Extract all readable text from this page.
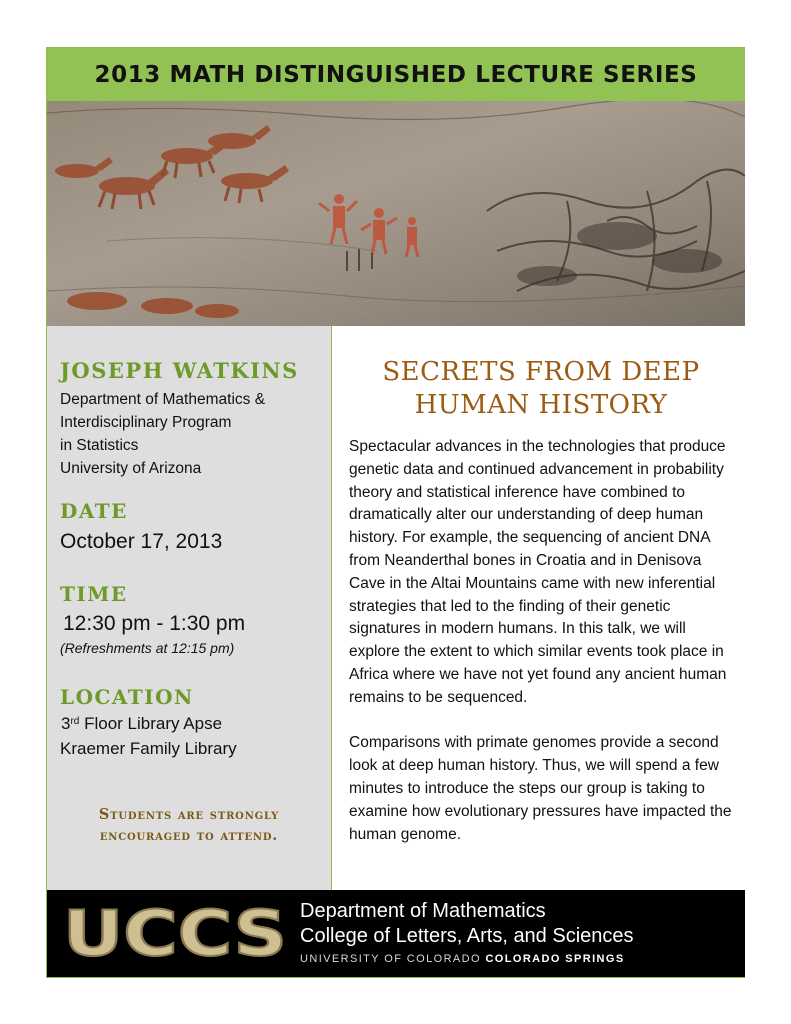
2013 MATH DISTINGUISHED LECTURE SERIES
JOSEPH WATKINS
Department of Mathematics &
Interdisciplinary Program
in Statistics
University of Arizona
DATE
October 17, 2013
TIME
12:30 pm - 1:30 pm
(Refreshments at 12:15 pm)
LOCATION
3rd Floor Library Apse
Kraemer Family Library
Students are strongly
encouraged to attend.
SECRETS FROM DEEP
HUMAN HISTORY

Spectacular advances in the technologies that produce genetic data and continued advancement in probability theory and statistical inference have combined to dramatically alter our understanding of deep human history. For example, the sequencing of ancient DNA from Neanderthal bones in Croatia and in Denisova Cave in the Altai Mountains came with new inferential strategies that led to the finding of their genetic signatures in modern humans. In this talk, we will explore the extent to which similar events took place in Africa where we have not yet found any ancient human remains to be sequenced.

Comparisons with primate genomes provide a second look at deep human history. Thus, we will spend a few minutes to introduce the steps our group is taking to examine how evolutionary pressures have impacted the human genome.

UCCS Department of Mathematics
College of Letters, Arts, and Sciences
UNIVERSITY OF COLORADO COLORADO SPRINGS
